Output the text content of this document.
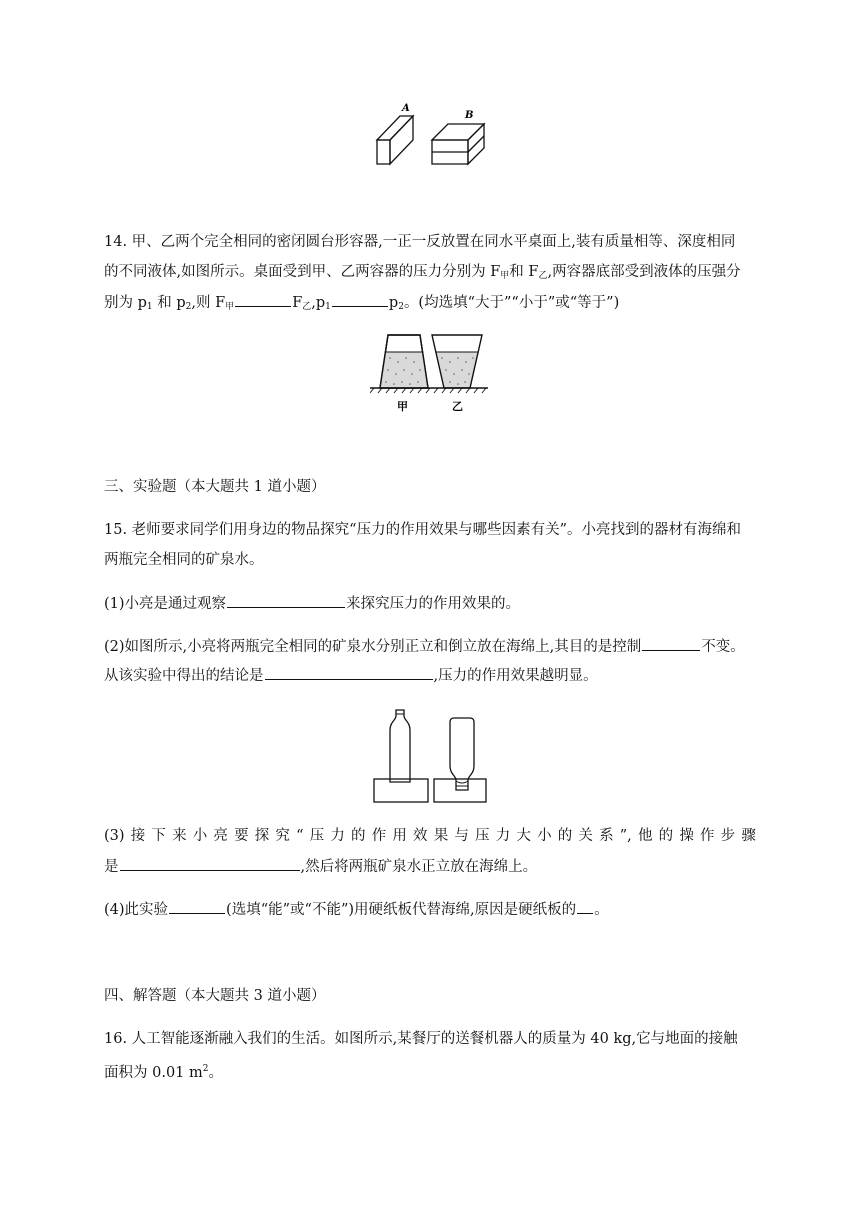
A
B
14. 甲、乙两个完全相同的密闭圆台形容器,一正一反放置在同水平桌面上,装有质量相等、深度相同
的不同液体,如图所示。桌面受到甲、乙两容器的压力分别为 $F_甲$和 $F_乙$,两容器底部受到液体的压强分
别为 $p_1$ 和 $p_2$,则 $F_甲$	$F_乙,p_1$	$p_2$。(均选填“大于”“小于”或“等于”)
甲	乙
三、实验题（本大题共 1 道小题）
15. 老师要求同学们用身边的物品探究“压力的作用效果与哪些因素有关”。小亮找到的器材有海绵和
两瓶完全相同的矿泉水。
(1)小亮是通过观察	来探究压力的作用效果的。
(2)如图所示,小亮将两瓶完全相同的矿泉水分别正立和倒立放在海绵上,其目的是控制	不变。
从该实验中得出的结论是	,压力的作用效果越明显。
(3) 接 下 来 小 亮 要 探 究 “ 压 力 的 作 用 效 果 与 压 力 大 小 的 关 系 ”, 他 的 操 作 步 骤
是	,然后将两瓶矿泉水正立放在海绵上。
(4)此实验	(选填“能”或“不能”)用硬纸板代替海绵,原因是硬纸板的 。
四、解答题（本大题共 3 道小题）
16. 人工智能逐渐融入我们的生活。如图所示,某餐厅的送餐机器人的质量为 40 kg,它与地面的接触
面积为 0.01 $m^2$。
